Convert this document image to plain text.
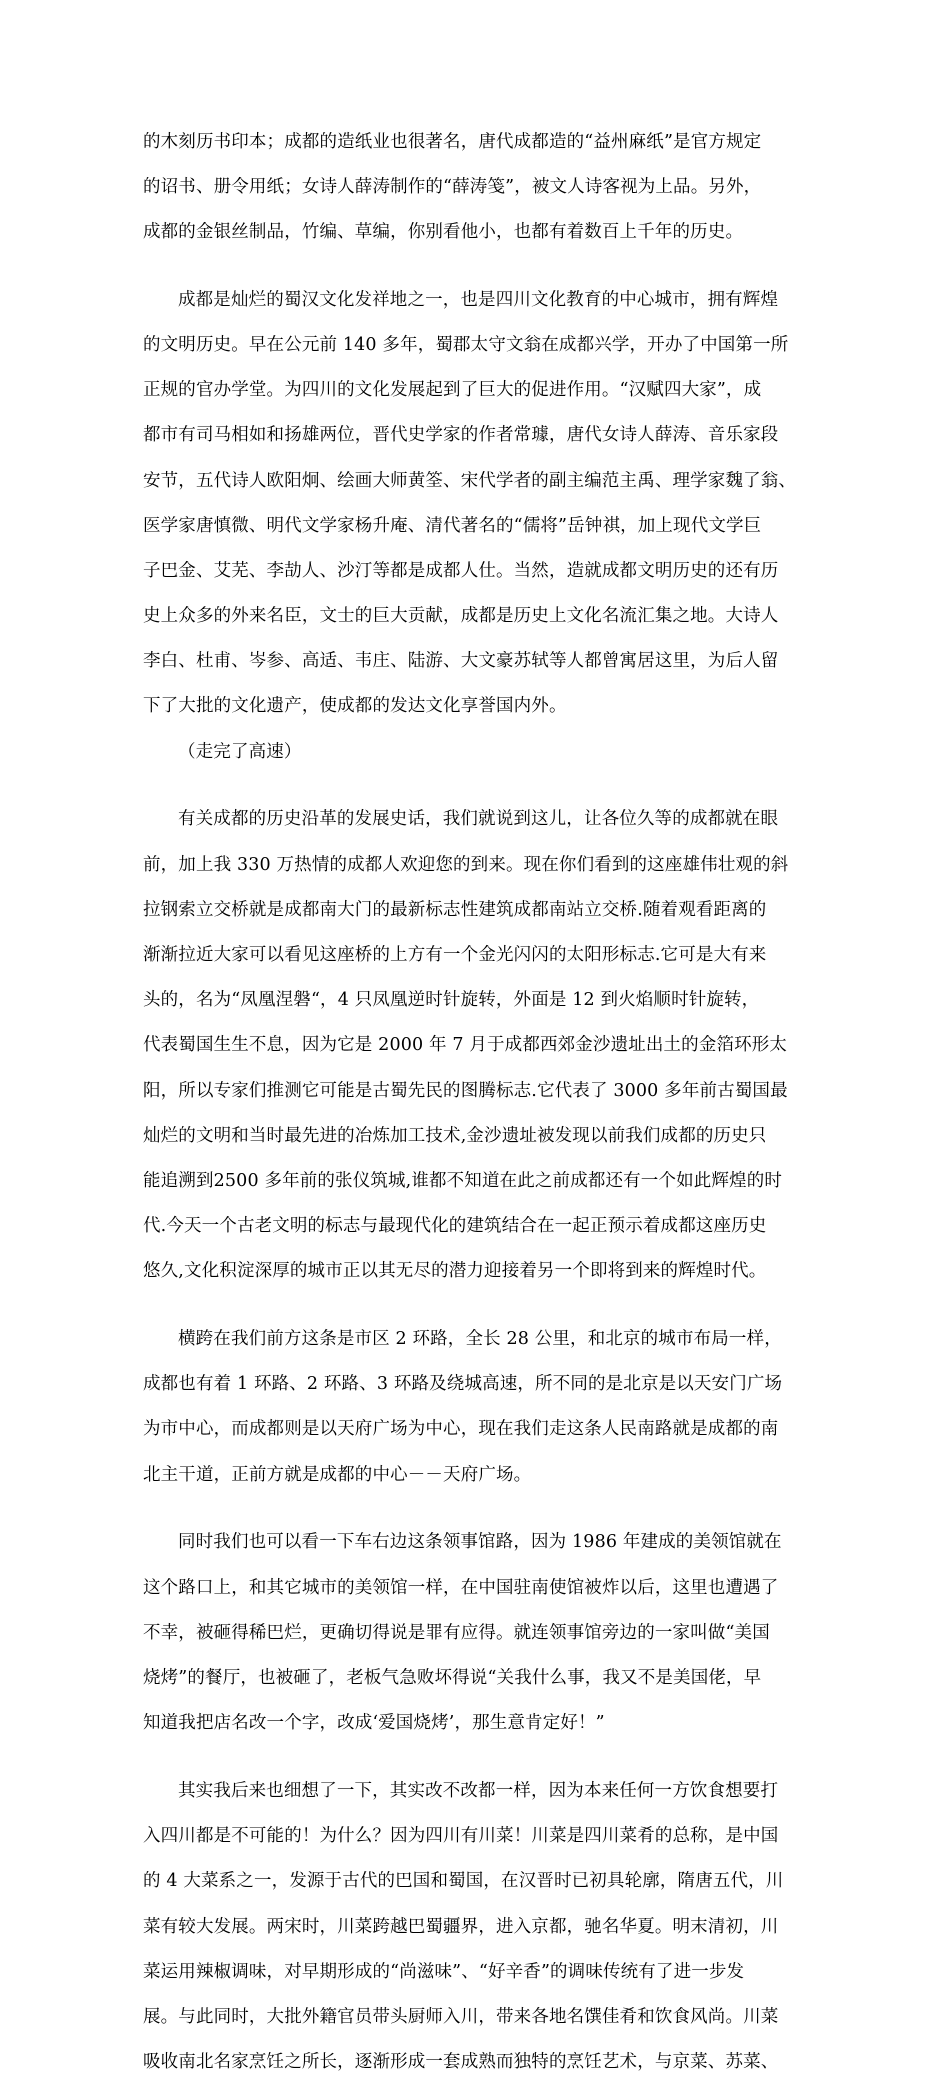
的木刻历书印本；成都的造纸业也很著名，唐代成都造的“益州麻纸”是官方规定

的诏书、册令用纸；女诗人薛涛制作的“薛涛笺”，被文人诗客视为上品。另外，

成都的金银丝制品，竹编、草编，你别看他小，也都有着数百上千年的历史。

成都是灿烂的蜀汉文化发祥地之一，也是四川文化教育的中心城市，拥有辉煌

的文明历史。早在公元前 140 多年，蜀郡太守文翁在成都兴学，开办了中国第一所

正规的官办学堂。为四川的文化发展起到了巨大的促进作用。“汉赋四大家”，成

都市有司马相如和扬雄两位，晋代史学家的作者常璩，唐代女诗人薛涛、音乐家段

安节，五代诗人欧阳炯、绘画大师黄筌、宋代学者的副主编范主禹、理学家魏了翁、

医学家唐慎微、明代文学家杨升庵、清代著名的“儒将”岳钟祺，加上现代文学巨

子巴金、艾芜、李劼人、沙汀等都是成都人仕。当然，造就成都文明历史的还有历

史上众多的外来名臣，文士的巨大贡献，成都是历史上文化名流汇集之地。大诗人

李白、杜甫、岑参、高适、韦庄、陆游、大文豪苏轼等人都曾寓居这里，为后人留

下了大批的文化遗产，使成都的发达文化享誉国内外。

（走完了高速）

有关成都的历史沿革的发展史话，我们就说到这儿，让各位久等的成都就在眼

前，加上我 330 万热情的成都人欢迎您的到来。现在你们看到的这座雄伟壮观的斜

拉钢索立交桥就是成都南大门的最新标志性建筑成都南站立交桥.随着观看距离的

渐渐拉近大家可以看见这座桥的上方有一个金光闪闪的太阳形标志.它可是大有来

头的，名为“凤凰涅磐“，4 只凤凰逆时针旋转，外面是 12 到火焰顺时针旋转，

代表蜀国生生不息，因为它是 2000 年 7 月于成都西郊金沙遗址出土的金箔环形太

阳，所以专家们推测它可能是古蜀先民的图腾标志.它代表了 3000 多年前古蜀国最

灿烂的文明和当时最先进的冶炼加工技术,金沙遗址被发现以前我们成都的历史只

能追溯到2500 多年前的张仪筑城,谁都不知道在此之前成都还有一个如此辉煌的时

代.今天一个古老文明的标志与最现代化的建筑结合在一起正预示着成都这座历史

悠久,文化积淀深厚的城市正以其无尽的潜力迎接着另一个即将到来的辉煌时代。

横跨在我们前方这条是市区 2 环路，全长 28 公里，和北京的城市布局一样，

成都也有着 1 环路、2 环路、3 环路及绕城高速，所不同的是北京是以天安门广场

为市中心，而成都则是以天府广场为中心，现在我们走这条人民南路就是成都的南

北主干道，正前方就是成都的中心－－天府广场。

同时我们也可以看一下车右边这条领事馆路，因为 1986 年建成的美领馆就在

这个路口上，和其它城市的美领馆一样，在中国驻南使馆被炸以后，这里也遭遇了

不幸，被砸得稀巴烂，更确切得说是罪有应得。就连领事馆旁边的一家叫做“美国

烧烤”的餐厅，也被砸了，老板气急败坏得说“关我什么事，我又不是美国佬，早

知道我把店名改一个字，改成‘爱国烧烤’，那生意肯定好！”

其实我后来也细想了一下，其实改不改都一样，因为本来任何一方饮食想要打

入四川都是不可能的！为什么？因为四川有川菜！川菜是四川菜肴的总称，是中国

的 4 大菜系之一，发源于古代的巴国和蜀国，在汉晋时已初具轮廓，隋唐五代，川

菜有较大发展。两宋时，川菜跨越巴蜀疆界，进入京都，驰名华夏。明末清初，川

菜运用辣椒调味，对早期形成的“尚滋味”、“好辛香”的调味传统有了进一步发

展。与此同时，大批外籍官员带头厨师入川，带来各地名馔佳肴和饮食风尚。川菜

吸收南北名家烹饪之所长，逐渐形成一套成熟而独特的烹饪艺术，与京菜、苏菜、
